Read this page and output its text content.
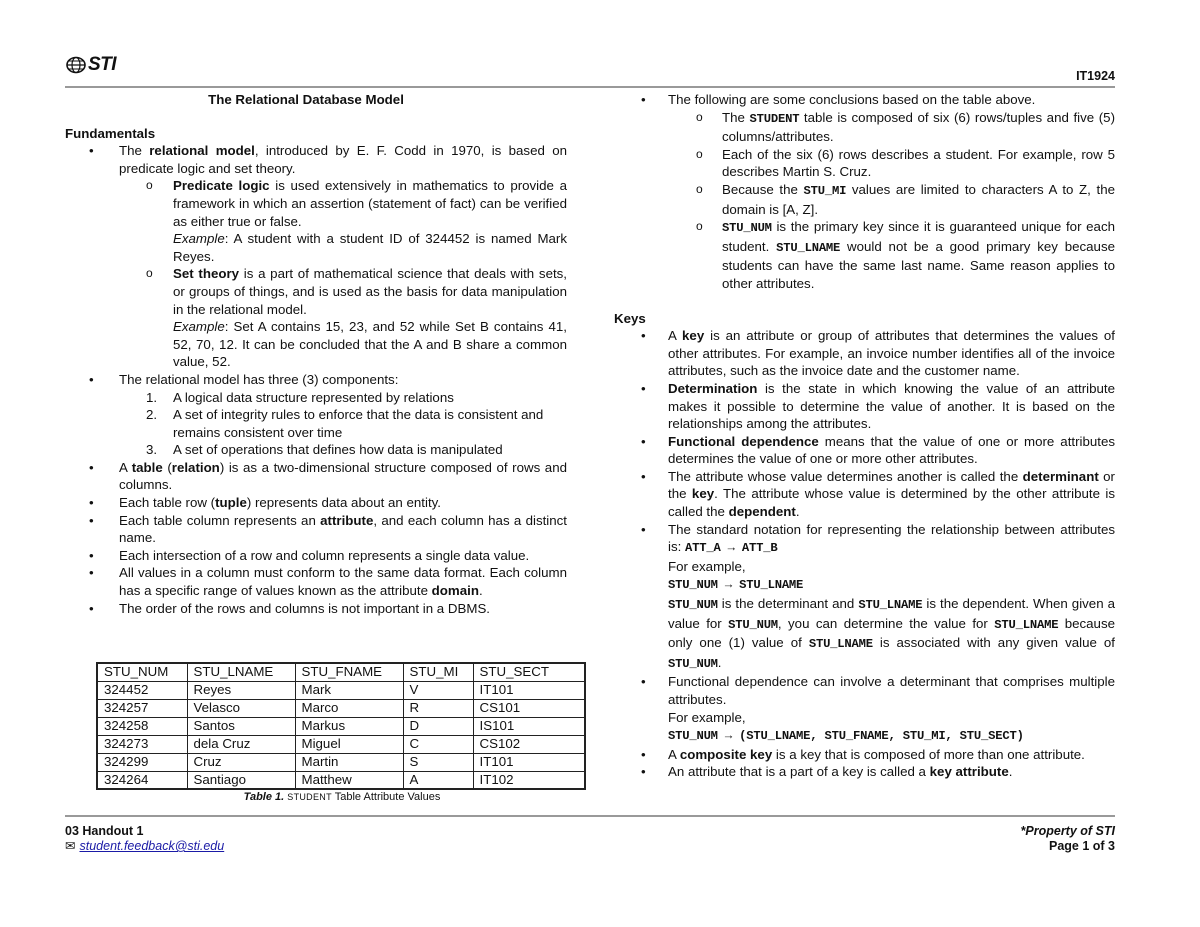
STI
IT1924
The Relational Database Model
Fundamentals
• The relational model, introduced by E. F. Codd in 1970, is based on predicate logic and set theory.
o Predicate logic is used extensively in mathematics to provide a framework in which an assertion (statement of fact) can be verified as either true or false.
Example: A student with a student ID of 324452 is named Mark Reyes.
o Set theory is a part of mathematical science that deals with sets, or groups of things, and is used as the basis for data manipulation in the relational model.
Example: Set A contains 15, 23, and 52 while Set B contains 41, 52, 70, 12. It can be concluded that the A and B share a common value, 52.
• The relational model has three (3) components:
1. A logical data structure represented by relations
2. A set of integrity rules to enforce that the data is consistent and remains consistent over time
3. A set of operations that defines how data is manipulated
• A table (relation) is as a two-dimensional structure composed of rows and columns.
• Each table row (tuple) represents data about an entity.
• Each table column represents an attribute, and each column has a distinct name.
• Each intersection of a row and column represents a single data value.
• All values in a column must conform to the same data format. Each column has a specific range of values known as the attribute domain.
• The order of the rows and columns is not important in a DBMS.
STU_NUM	STU_LNAME	STU_FNAME	STU_MI	STU_SECT
324452	Reyes	Mark	V	IT101
324257	Velasco	Marco	R	CS101
324258	Santos	Markus	D	IS101
324273	dela Cruz	Miguel	C	CS102
324299	Cruz	Martin	S	IT101
324264	Santiago	Matthew	A	IT102
Table 1. STUDENT Table Attribute Values
• The following are some conclusions based on the table above.
o The STUDENT table is composed of six (6) rows/tuples and five (5) columns/attributes.
o Each of the six (6) rows describes a student. For example, row 5 describes Martin S. Cruz.
o Because the STU_MI values are limited to characters A to Z, the domain is [A, Z].
o STU_NUM is the primary key since it is guaranteed unique for each student. STU_LNAME would not be a good primary key because students can have the same last name. Same reason applies to other attributes.
Keys
• A key is an attribute or group of attributes that determines the values of other attributes. For example, an invoice number identifies all of the invoice attributes, such as the invoice date and the customer name.
• Determination is the state in which knowing the value of an attribute makes it possible to determine the value of another. It is based on the relationships among the attributes.
• Functional dependence means that the value of one or more attributes determines the value of one or more other attributes.
• The attribute whose value determines another is called the determinant or the key. The attribute whose value is determined by the other attribute is called the dependent.
• The standard notation for representing the relationship between attributes is: ATT_A → ATT_B
For example,
STU_NUM → STU_LNAME
STU_NUM is the determinant and STU_LNAME is the dependent. When given a value for STU_NUM, you can determine the value for STU_LNAME because only one (1) value of STU_LNAME is associated with any given value of STU_NUM.
• Functional dependence can involve a determinant that comprises multiple attributes.
For example,
STU_NUM → (STU_LNAME, STU_FNAME, STU_MI, STU_SECT)
• A composite key is a key that is composed of more than one attribute.
• An attribute that is a part of a key is called a key attribute.
03 Handout 1
✉ student.feedback@sti.edu
*Property of STI
Page 1 of 3
